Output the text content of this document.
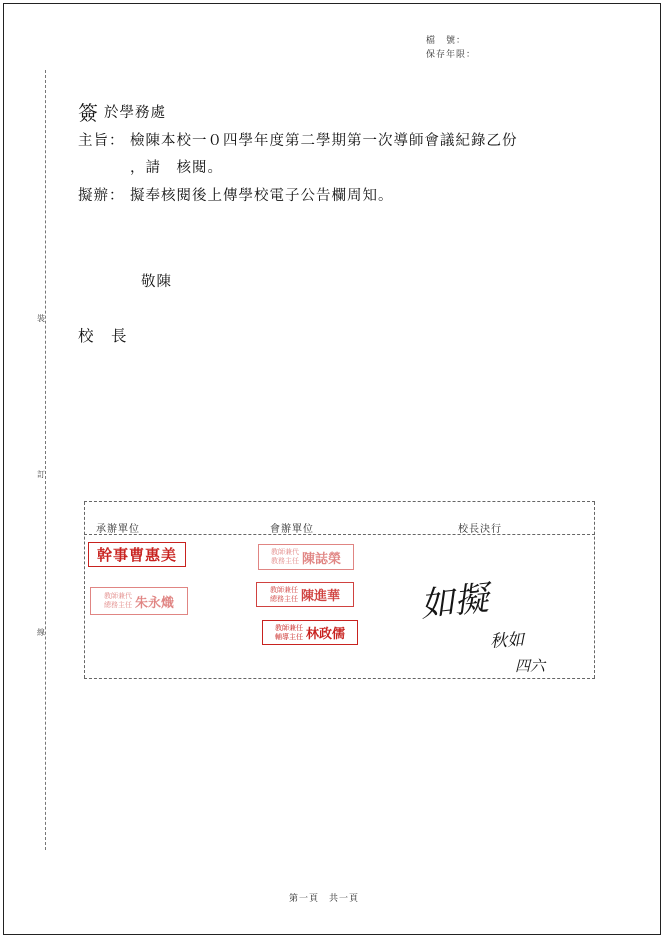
檔　號：
保存年限：
裝
訂
線
簽 於學務處
主旨： 檢陳本校一０四學年度第二學期第一次導師會議紀錄乙份
，請　核閱。
擬辦： 擬奉核閱後上傳學校電子公告欄周知。
敬陳
校　長
承辦單位	會辦單位	校長決行
幹事 曹惠美
教師兼代
總務主任 朱永熾
教師兼代
教務主任 陳誌榮
教師兼任
總務主任 陳進華
教師兼任
輔導主任 林政儒
如擬
秋如
四六
第一頁　共一頁
